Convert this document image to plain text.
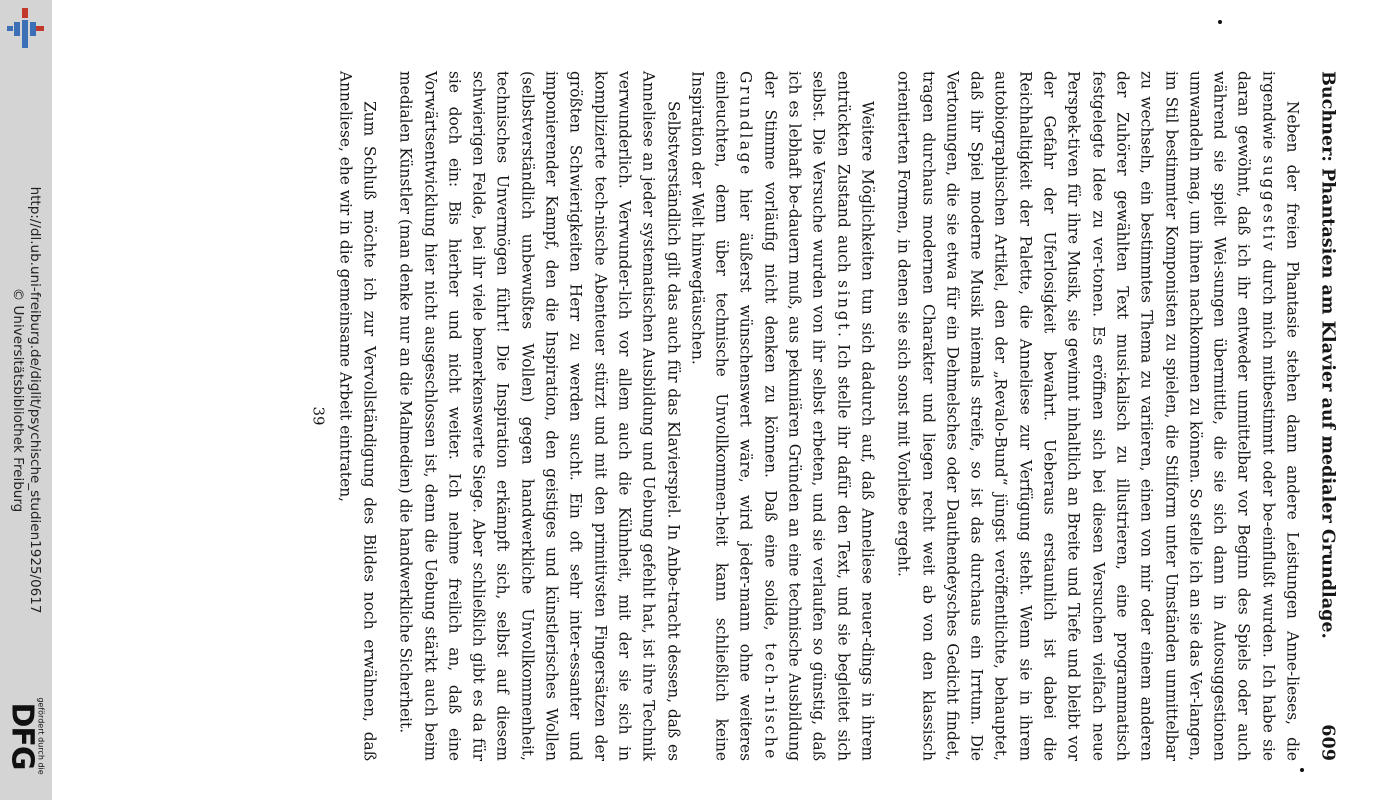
http://dl.ub.uni-freiburg.de/diglit/psychische_studien1925/0617
© Universitätsbibliothek Freiburg
gefördert durch die
DFG
Buchner: Phantasien am Klavier auf medialer Grundlage.
609

Neben der freien Phantasie stehen dann andere Leistungen Anne-lieses, die irgendwie suggestiv durch mich mitbestimmt oder be-einflußt wurden. Ich habe sie daran gewöhnt, daß ich ihr entweder unmittelbar vor Beginn des Spiels oder auch während sie spielt Wei-sungen übermittle, die sie sich dann in Autosuggestionen umwandeln mag, um ihnen nachkommen zu können. So stelle ich an sie das Ver-langen, im Stil bestimmter Komponisten zu spielen, die Stilform unter Umständen unmittelbar zu wechseln, ein bestimmtes Thema zu variieren, einen von mir oder einem anderen der Zuhörer gewählten Text musi-kalisch zu illustrieren, eine programmatisch festgelegte Idee zu ver-tonen. Es eröffnen sich bei diesen Versuchen vielfach neue Perspek-tiven für ihre Musik, sie gewinnt inhaltlich an Breite und Tiefe und bleibt vor der Gefahr der Uferlosigkeit bewahrt. Ueberaus erstaunlich ist dabei die Reichhaltigkeit der Palette, die Anneliese zur Verfügung steht. Wenn sie in ihrem autobiographischen Artikel, den der „Revalo-Bund“ jüngst veröffentlichte, behauptet, daß ihr Spiel moderne Musik niemals streife, so ist das durchaus ein Irrtum. Die Vertonungen, die sie etwa für ein Dehmelsches oder Dauthendeysches Gedicht findet, tragen durchaus modernen Charakter und liegen recht weit ab von den klassisch orientierten Formen, in denen sie sich sonst mit Vorliebe ergeht.

Weitere Möglichkeiten tun sich dadurch auf, daß Anneliese neuer-dings in ihrem entrückten Zustand auch singt. Ich stelle ihr dafür den Text, und sie begleitet sich selbst. Die Versuche wurden von ihr selbst erbeten, und sie verlaufen so günstig, daß ich es lebhaft be-dauern muß, aus pekuniären Gründen an eine technische Ausbildung der Stimme vorläufig nicht denken zu können. Daß eine solide, tech-nische Grundlage hier äußerst wünschenswert wäre, wird jeder-mann ohne weiteres einleuchten, denn über technische Unvollkommen-heit kann schließlich keine Inspiration der Welt hinwegtäuschen.

Selbstverständlich gilt das auch für das Klavierspiel. In Anbe-tracht dessen, daß es Anneliese an jeder systematischen Ausbildung und Uebung gefehlt hat, ist ihre Technik verwunderlich. Verwunder-lich vor allem auch die Kühnheit, mit der sie sich in komplizierte tech-nische Abenteuer stürzt und mit den primitivsten Fingersätzen der größten Schwierigkeiten Herr zu werden sucht. Ein oft sehr inter-essanter und imponierender Kampf, den die Inspiration, den geistiges und künstlerisches Wollen (selbstverständlich unbewußtes Wollen) gegen handwerkliche Unvollkommenheit, technisches Unvermögen führt! Die Inspiration erkämpft sich, selbst auf diesem schwierigen Felde, bei ihr viele bemerkenswerte Siege. Aber schließlich gibt es da für sie doch ein: Bis hierher und nicht weiter. Ich nehme freilich an, daß eine Vorwärtsentwicklung hier nicht ausgeschlossen ist, denn die Uebung stärkt auch beim medialen Künstler (man denke nur an die Malmedien) die handwerkliche Sicherheit.

Zum Schluß möchte ich zur Vervollständigung des Bildes noch erwähnen, daß Anneliese, ehe wir in die gemeinsame Arbeit eintraten,

39
